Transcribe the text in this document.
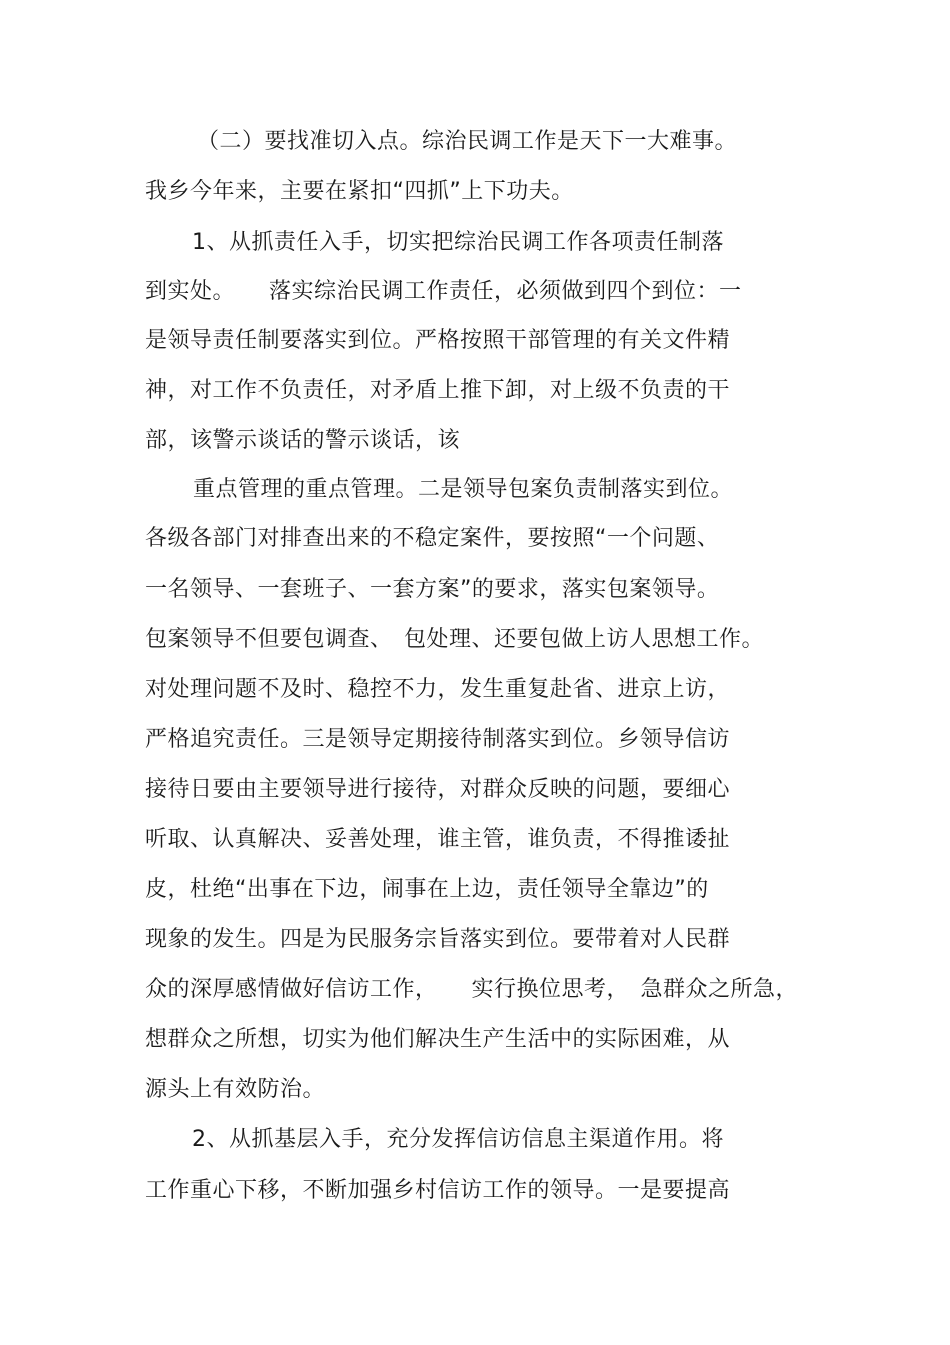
（二）要找准切入点。综治民调工作是天下一大难事。
我乡今年来，主要在紧扣“四抓”上下功夫。
1、从抓责任入手，切实把综治民调工作各项责任制落
到实处。　　落实综治民调工作责任，必须做到四个到位：一
是领导责任制要落实到位。严格按照干部管理的有关文件精
神，对工作不负责任，对矛盾上推下卸，对上级不负责的干
部，该警示谈话的警示谈话，该
重点管理的重点管理。二是领导包案负责制落实到位。
各级各部门对排查出来的不稳定案件，要按照“一个问题、
一名领导、一套班子、一套方案”的要求，落实包案领导。
包案领导不但要包调查、　包处理、还要包做上访人思想工作。
对处理问题不及时、稳控不力，发生重复赴省、进京上访，
严格追究责任。三是领导定期接待制落实到位。乡领导信访
接待日要由主要领导进行接待，对群众反映的问题，要细心
听取、认真解决、妥善处理，谁主管，谁负责，不得推诿扯
皮，杜绝“出事在下边，闹事在上边，责任领导全靠边”的
现象的发生。四是为民服务宗旨落实到位。要带着对人民群
众的深厚感情做好信访工作，　　实行换位思考，　急群众之所急，
想群众之所想，切实为他们解决生产生活中的实际困难，从
源头上有效防治。
2、从抓基层入手，充分发挥信访信息主渠道作用。将
工作重心下移，不断加强乡村信访工作的领导。一是要提高
